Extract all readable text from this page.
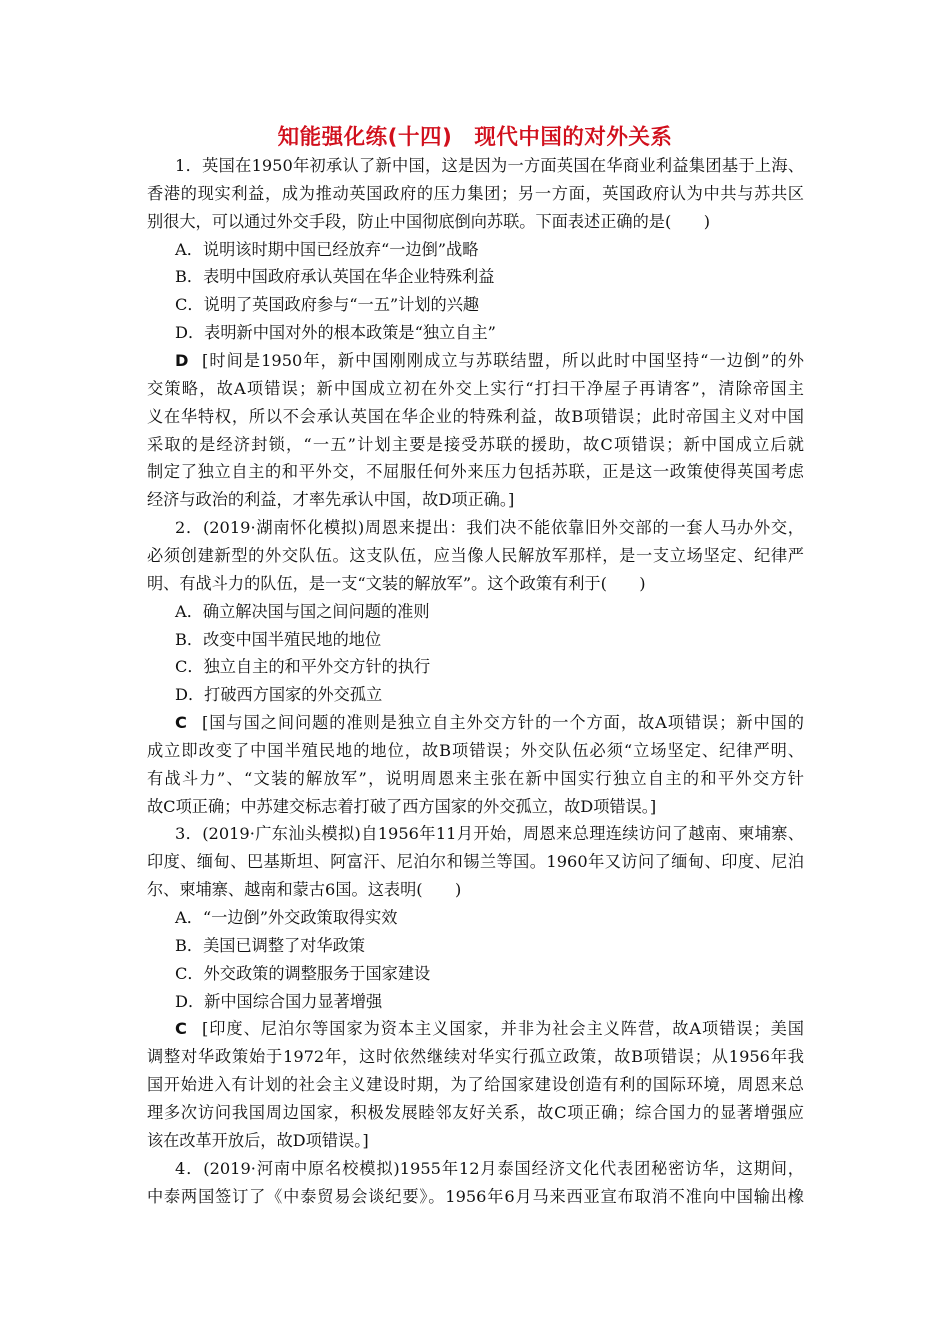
知能强化练(十四)　现代中国的对外关系
1．英国在1950年初承认了新中国，这是因为一方面英国在华商业利益集团基于上海、
香港的现实利益，成为推动英国政府的压力集团；另一方面，英国政府认为中共与苏共区
别很大，可以通过外交手段，防止中国彻底倒向苏联。下面表述正确的是(　　)
A．说明该时期中国已经放弃“一边倒”战略
B．表明中国政府承认英国在华企业特殊利益
C．说明了英国政府参与“一五”计划的兴趣
D．表明新中国对外的根本政策是“独立自主”
D [时间是1950年，新中国刚刚成立与苏联结盟，所以此时中国坚持“一边倒”的外
交策略，故A项错误；新中国成立初在外交上实行“打扫干净屋子再请客”，清除帝国主
义在华特权，所以不会承认英国在华企业的特殊利益，故B项错误；此时帝国主义对中国
采取的是经济封锁，“一五”计划主要是接受苏联的援助，故C项错误；新中国成立后就
制定了独立自主的和平外交，不屈服任何外来压力包括苏联，正是这一政策使得英国考虑
经济与政治的利益，才率先承认中国，故D项正确。]
2．(2019·湖南怀化模拟)周恩来提出：我们决不能依靠旧外交部的一套人马办外交，
必须创建新型的外交队伍。这支队伍，应当像人民解放军那样，是一支立场坚定、纪律严
明、有战斗力的队伍，是一支“文装的解放军”。这个政策有利于(　　)
A．确立解决国与国之间问题的准则
B．改变中国半殖民地的地位
C．独立自主的和平外交方针的执行
D．打破西方国家的外交孤立
C [国与国之间问题的准则是独立自主外交方针的一个方面，故A项错误；新中国的
成立即改变了中国半殖民地的地位，故B项错误；外交队伍必须“立场坚定、纪律严明、
有战斗力”、“文装的解放军”，说明周恩来主张在新中国实行独立自主的和平外交方针
故C项正确；中苏建交标志着打破了西方国家的外交孤立，故D项错误。]
3．(2019·广东汕头模拟)自1956年11月开始，周恩来总理连续访问了越南、柬埔寨、
印度、缅甸、巴基斯坦、阿富汗、尼泊尔和锡兰等国。1960年又访问了缅甸、印度、尼泊
尔、柬埔寨、越南和蒙古6国。这表明(　　)
A．“一边倒”外交政策取得实效
B．美国已调整了对华政策
C．外交政策的调整服务于国家建设
D．新中国综合国力显著增强
C [印度、尼泊尔等国家为资本主义国家，并非为社会主义阵营，故A项错误；美国
调整对华政策始于1972年，这时依然继续对华实行孤立政策，故B项错误；从1956年我
国开始进入有计划的社会主义建设时期，为了给国家建设创造有利的国际环境，周恩来总
理多次访问我国周边国家，积极发展睦邻友好关系，故C项正确；综合国力的显著增强应
该在改革开放后，故D项错误。]
4．(2019·河南中原名校模拟)1955年12月泰国经济文化代表团秘密访华，这期间，
中泰两国签订了《中泰贸易会谈纪要》。1956年6月马来西亚宣布取消不准向中国输出橡
